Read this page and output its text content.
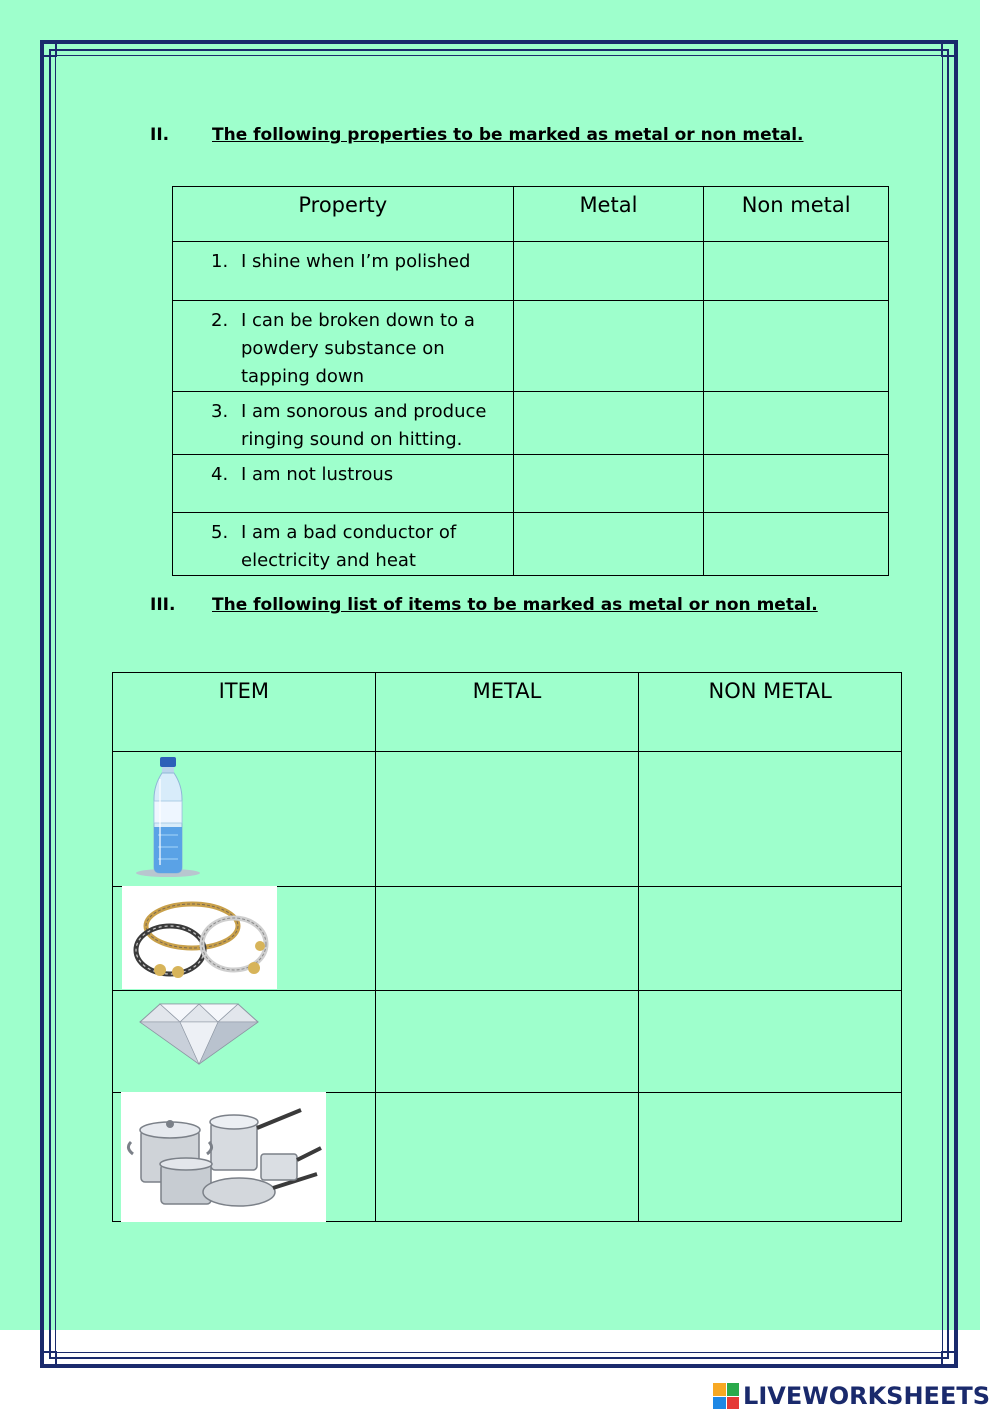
II.	The following properties to be marked as metal or non metal.
Property	Metal	Non metal

1. I shine when I’m polished		

2. I can be broken down to a
powdery substance on
tapping down		

3. I am sonorous and produce
ringing sound on hitting.		

4. I am not lustrous		

5. I am a bad conductor of
electricity and heat		

III. The following list of items to be marked as metal or non metal.
ITEM	METAL	NON METAL

LIVEWORKSHEETS
